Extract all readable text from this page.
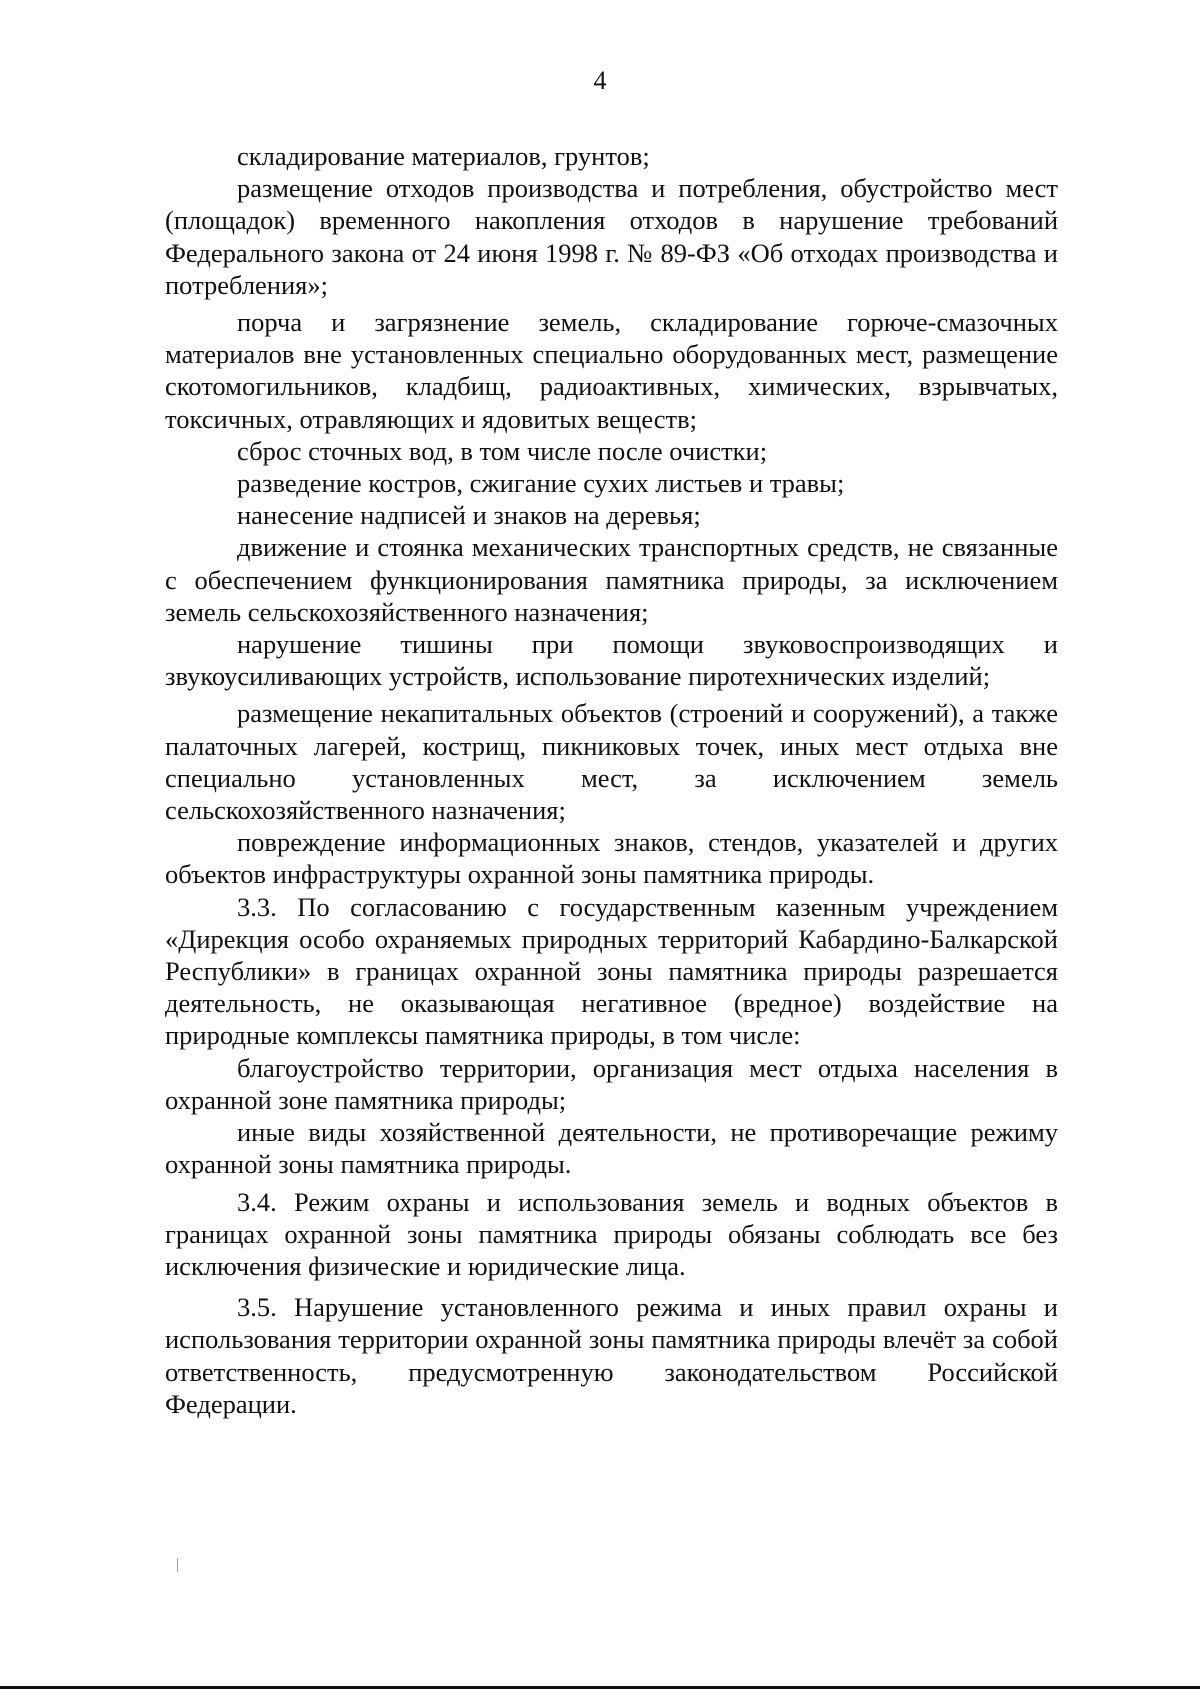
4

складирование материалов, грунтов;

размещение отходов производства и потребления, обустройство мест (площадок) временного накопления отходов в нарушение требований Федерального закона от 24 июня 1998 г. № 89-ФЗ «Об отходах производства и потребления»;

порча и загрязнение земель, складирование горюче-смазочных материалов вне установленных специально оборудованных мест, размещение скотомогильников, кладбищ, радиоактивных, химических, взрывчатых, токсичных, отравляющих и ядовитых веществ;

сброс сточных вод, в том числе после очистки;

разведение костров, сжигание сухих листьев и травы;

нанесение надписей и знаков на деревья;

движение и стоянка механических транспортных средств, не связанные с обеспечением функционирования памятника природы, за исключением земель сельскохозяйственного назначения;

нарушение тишины при помощи звуковоспроизводящих и звукоусиливающих устройств, использование пиротехнических изделий;

размещение некапитальных объектов (строений и сооружений), а также палаточных лагерей, кострищ, пикниковых точек, иных мест отдыха вне специально установленных мест, за исключением земель сельскохозяйственного назначения;

повреждение информационных знаков, стендов, указателей и других объектов инфраструктуры охранной зоны памятника природы.

3.3. По согласованию с государственным казенным учреждением «Дирекция особо охраняемых природных территорий Кабардино-Балкарской Республики» в границах охранной зоны памятника природы разрешается деятельность, не оказывающая негативное (вредное) воздействие на природные комплексы памятника природы, в том числе:

благоустройство территории, организация мест отдыха населения в охранной зоне памятника природы;

иные виды хозяйственной деятельности, не противоречащие режиму охранной зоны памятника природы.

3.4. Режим охраны и использования земель и водных объектов в границах охранной зоны памятника природы обязаны соблюдать все без исключения физические и юридические лица.

3.5. Нарушение установленного режима и иных правил охраны и использования территории охранной зоны памятника природы влечёт за собой ответственность, предусмотренную законодательством Российской Федерации.
